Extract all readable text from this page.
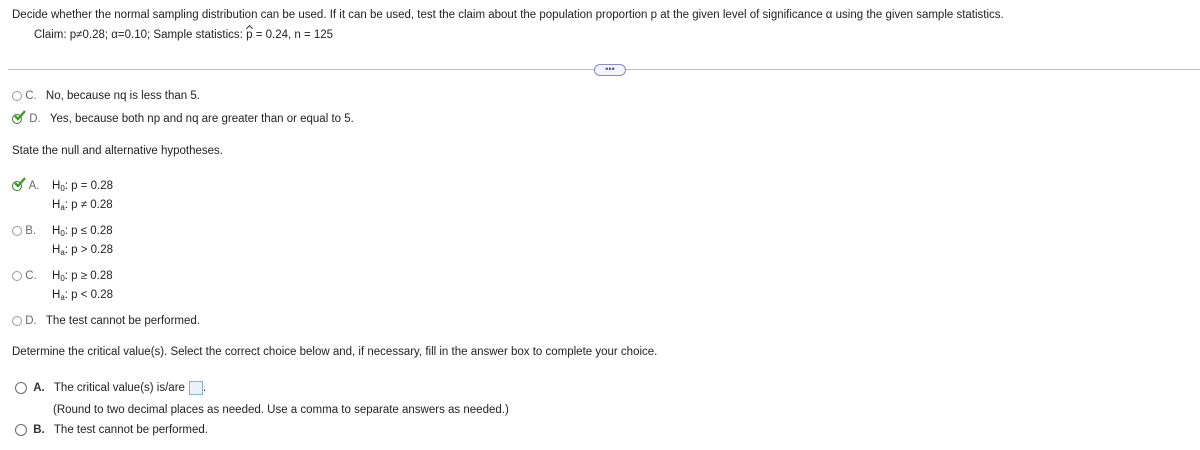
Decide whether the normal sampling distribution can be used. If it can be used, test the claim about the population proportion p at the given level of significance α using the given sample statistics.
Claim: p≠0.28; α=0.10; Sample statistics: p = 0.24, n = 125
•••
C. No, because nq is less than 5.
D. Yes, because both np and nq are greater than or equal to 5.
State the null and alternative hypotheses.
A. $H_0$: p = 0.28
$H_a$: p ≠ 0.28
B. $H_0$: p ≤ 0.28
$H_a$: p > 0.28
C. $H_0$: p ≥ 0.28
$H_a$: p < 0.28
D. The test cannot be performed.
Determine the critical value(s). Select the correct choice below and, if necessary, fill in the answer box to complete your choice.
A. The critical value(s) is/are .
(Round to two decimal places as needed. Use a comma to separate answers as needed.)
B. The test cannot be performed.
